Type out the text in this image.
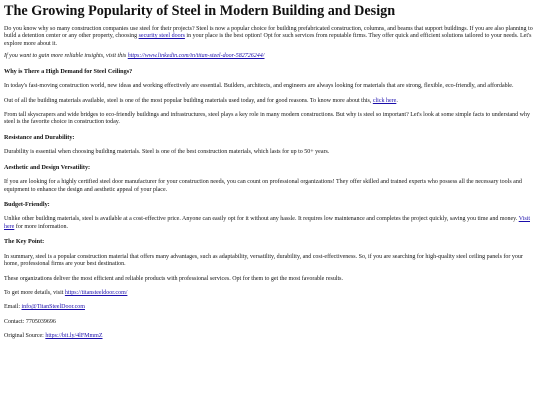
The Growing Popularity of Steel in Modern Building and Design

Do you know why so many construction companies use steel for their projects? Steel is now a popular choice for building prefabricated construction, columns, and beams that support buildings. If you are also planning to build a detention center or any other property, choosing security steel doors in your place is the best option! Opt for such services from reputable firms. They offer quick and efficient solutions tailored to your needs. Let's explore more about it.

If you want to gain more reliable insights, visit this https://www.linkedin.com/in/titan-steel-door-582726244/

Why is There a High Demand for Steel Ceilings?

In today's fast-moving construction world, new ideas and working effectively are essential. Builders, architects, and engineers are always looking for materials that are strong, flexible, eco-friendly, and affordable.

Out of all the building materials available, steel is one of the most popular building materials used today, and for good reasons. To know more about this, click here.

From tall skyscrapers and wide bridges to eco-friendly buildings and infrastructures, steel plays a key role in many modern constructions. But why is steel so important? Let's look at some simple facts to understand why steel is the favorite choice in construction today.

Resistance and Durability:

Durability is essential when choosing building materials. Steel is one of the best construction materials, which lasts for up to 50+ years.

Aesthetic and Design Versatility:

If you are looking for a highly certified steel door manufacturer for your construction needs, you can count on professional organizations! They offer skilled and trained experts who possess all the necessary tools and equipment to enhance the design and aesthetic appeal of your place.

Budget-Friendly:

Unlike other building materials, steel is available at a cost-effective price. Anyone can easily opt for it without any hassle. It requires low maintenance and completes the project quickly, saving you time and money. Visit here for more information.

The Key Point:

In summary, steel is a popular construction material that offers many advantages, such as adaptability, versatility, durability, and cost-effectiveness. So, if you are searching for high-quality steel ceiling panels for your home, professional firms are your best destination.

These organizations deliver the most efficient and reliable products with professional services. Opt for them to get the most favorable results.

To get more details, visit https://titansteeldoor.com/

Email: info@TitanSteelDoor.com

Contact: 7705039696

Original Source: https://bit.ly/4lFMmmZ
